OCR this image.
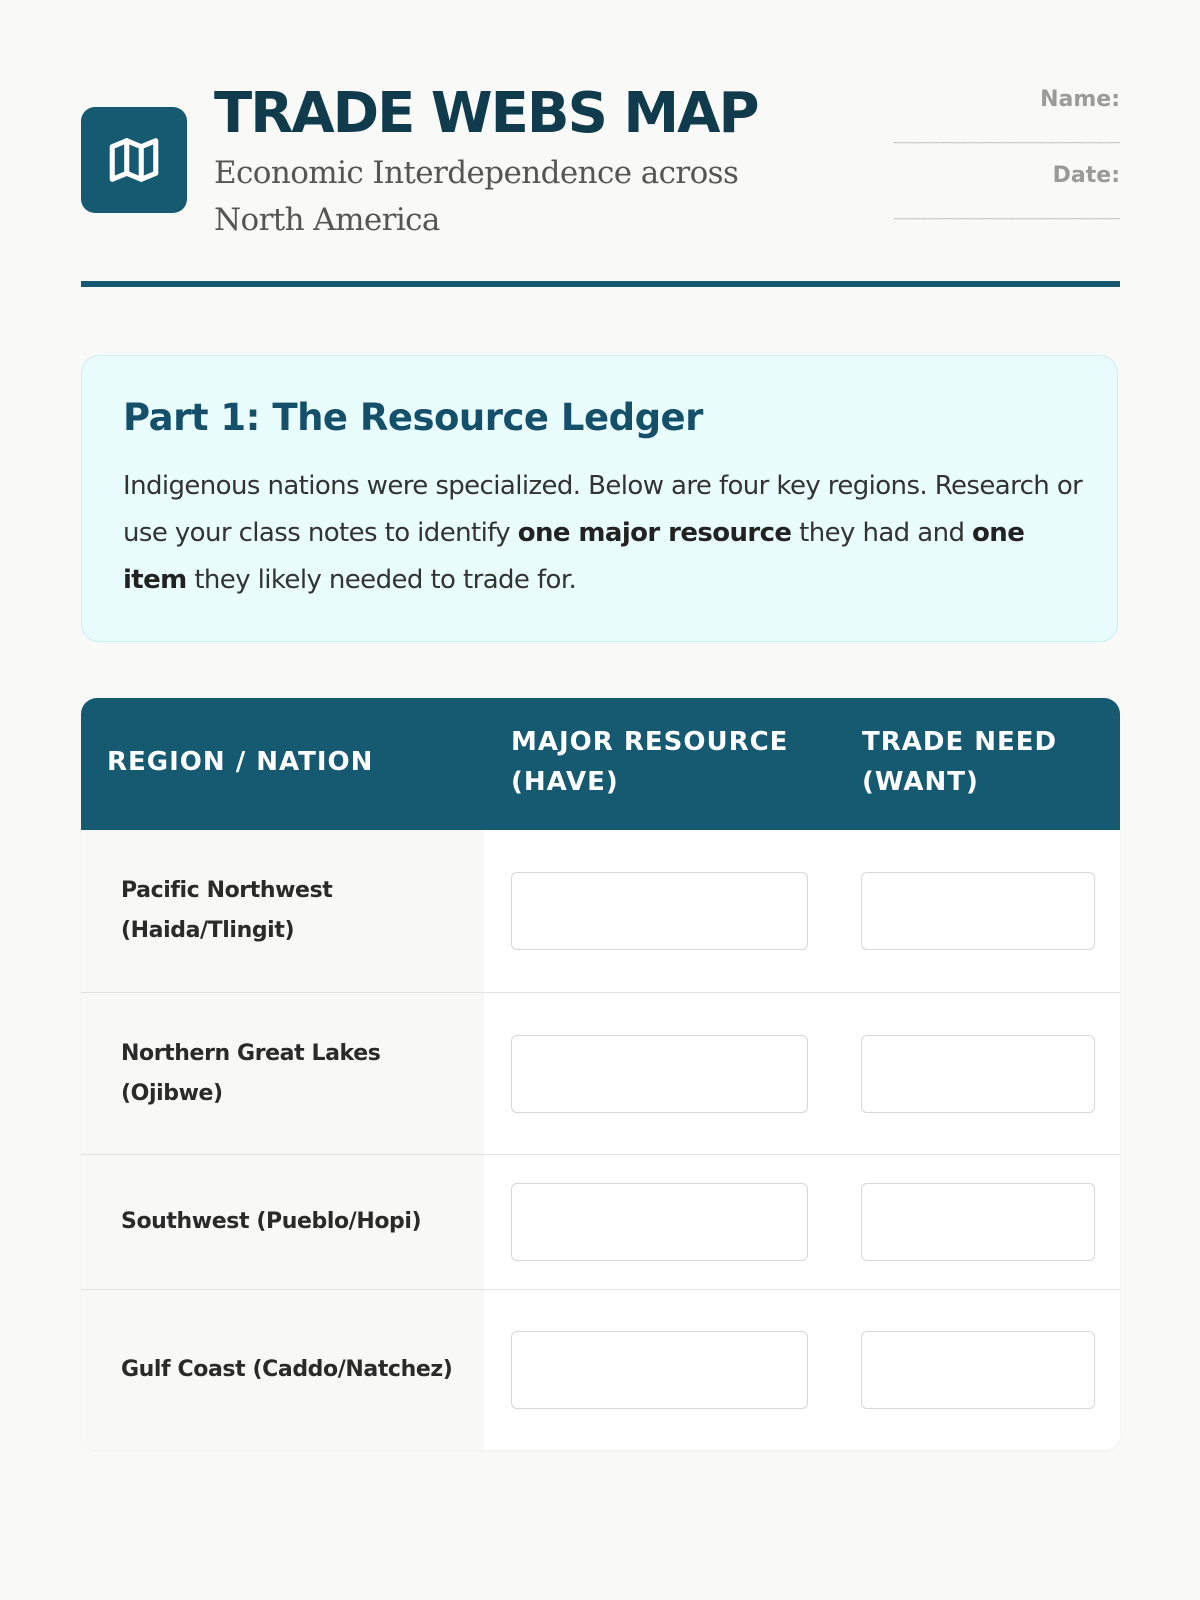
TRADE WEBS MAP

Economic Interdependence across North America

Name:
_______________________
Date:
_______________________
Part 1: The Resource Ledger

Indigenous nations were specialized. Below are four key regions. Research or use your class notes to identify one major resource they had and one item they likely needed to trade for.

REGION / NATION
MAJOR RESOURCE (HAVE)
TRADE NEED (WANT)
Pacific Northwest (Haida/Tlingit)
Northern Great Lakes (Ojibwe)
Southwest (Pueblo/Hopi)
Gulf Coast (Caddo/Natchez)
